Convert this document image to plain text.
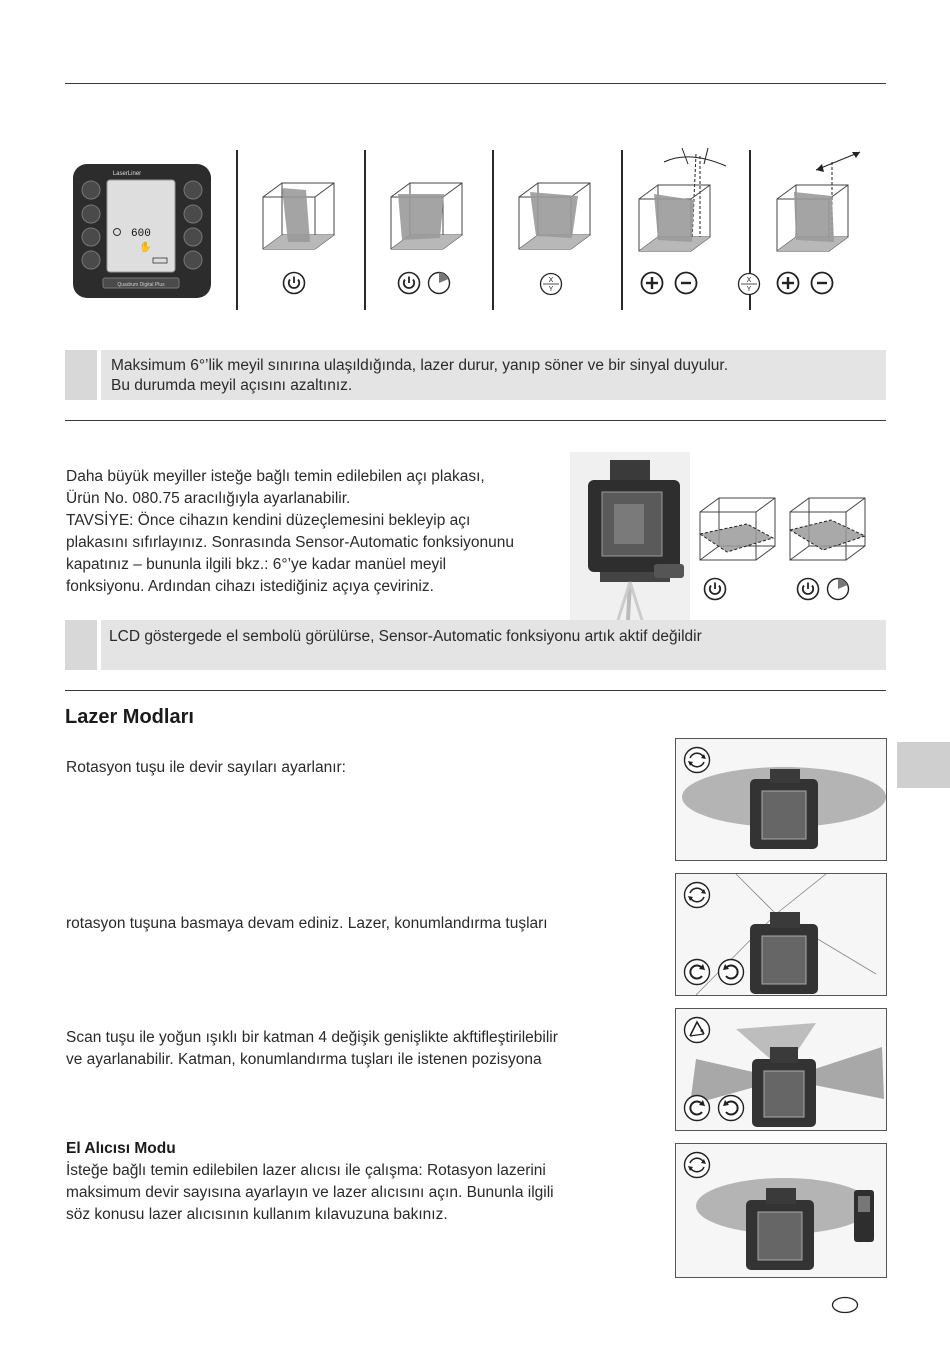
LaserLiner
600
✋
Quadrum Digital Plus
X
Y
X
Y
Maksimum 6°’lik meyil sınırına ulaşıldığında, lazer durur, yanıp söner ve bir sinyal duyulur.
Bu durumda meyil açısını azaltınız.
Daha büyük meyiller isteğe bağlı temin edilebilen açı plakası,
Ürün No. 080.75 aracılığıyla ayarlanabilir.
TAVSİYE: Önce cihazın kendini düzeçlemesini bekleyip açı
plakasını sıfırlayınız. Sonrasında Sensor-Automatic fonksiyonunu
kapatınız – bununla ilgili bkz.: 6°’ye kadar manüel meyil
fonksiyonu. Ardından cihazı istediğiniz açıya çeviriniz.
LCD göstergede el sembolü görülürse, Sensor-Automatic fonksiyonu artık aktif değildir
Lazer Modları
Rotasyon tuşu ile devir sayıları ayarlanır:
rotasyon tuşuna basmaya devam ediniz. Lazer, konumlandırma tuşları
Scan tuşu ile yoğun ışıklı bir katman 4 değişik genişlikte akftifleştirilebilir
ve ayarlanabilir. Katman, konumlandırma tuşları ile istenen pozisyona
El Alıcısı Modu
İsteğe bağlı temin edilebilen lazer alıcısı ile çalışma: Rotasyon lazerini
maksimum devir sayısına ayarlayın ve lazer alıcısını açın. Bununla ilgili
söz konusu lazer alıcısının kullanım kılavuzuna bakınız.
